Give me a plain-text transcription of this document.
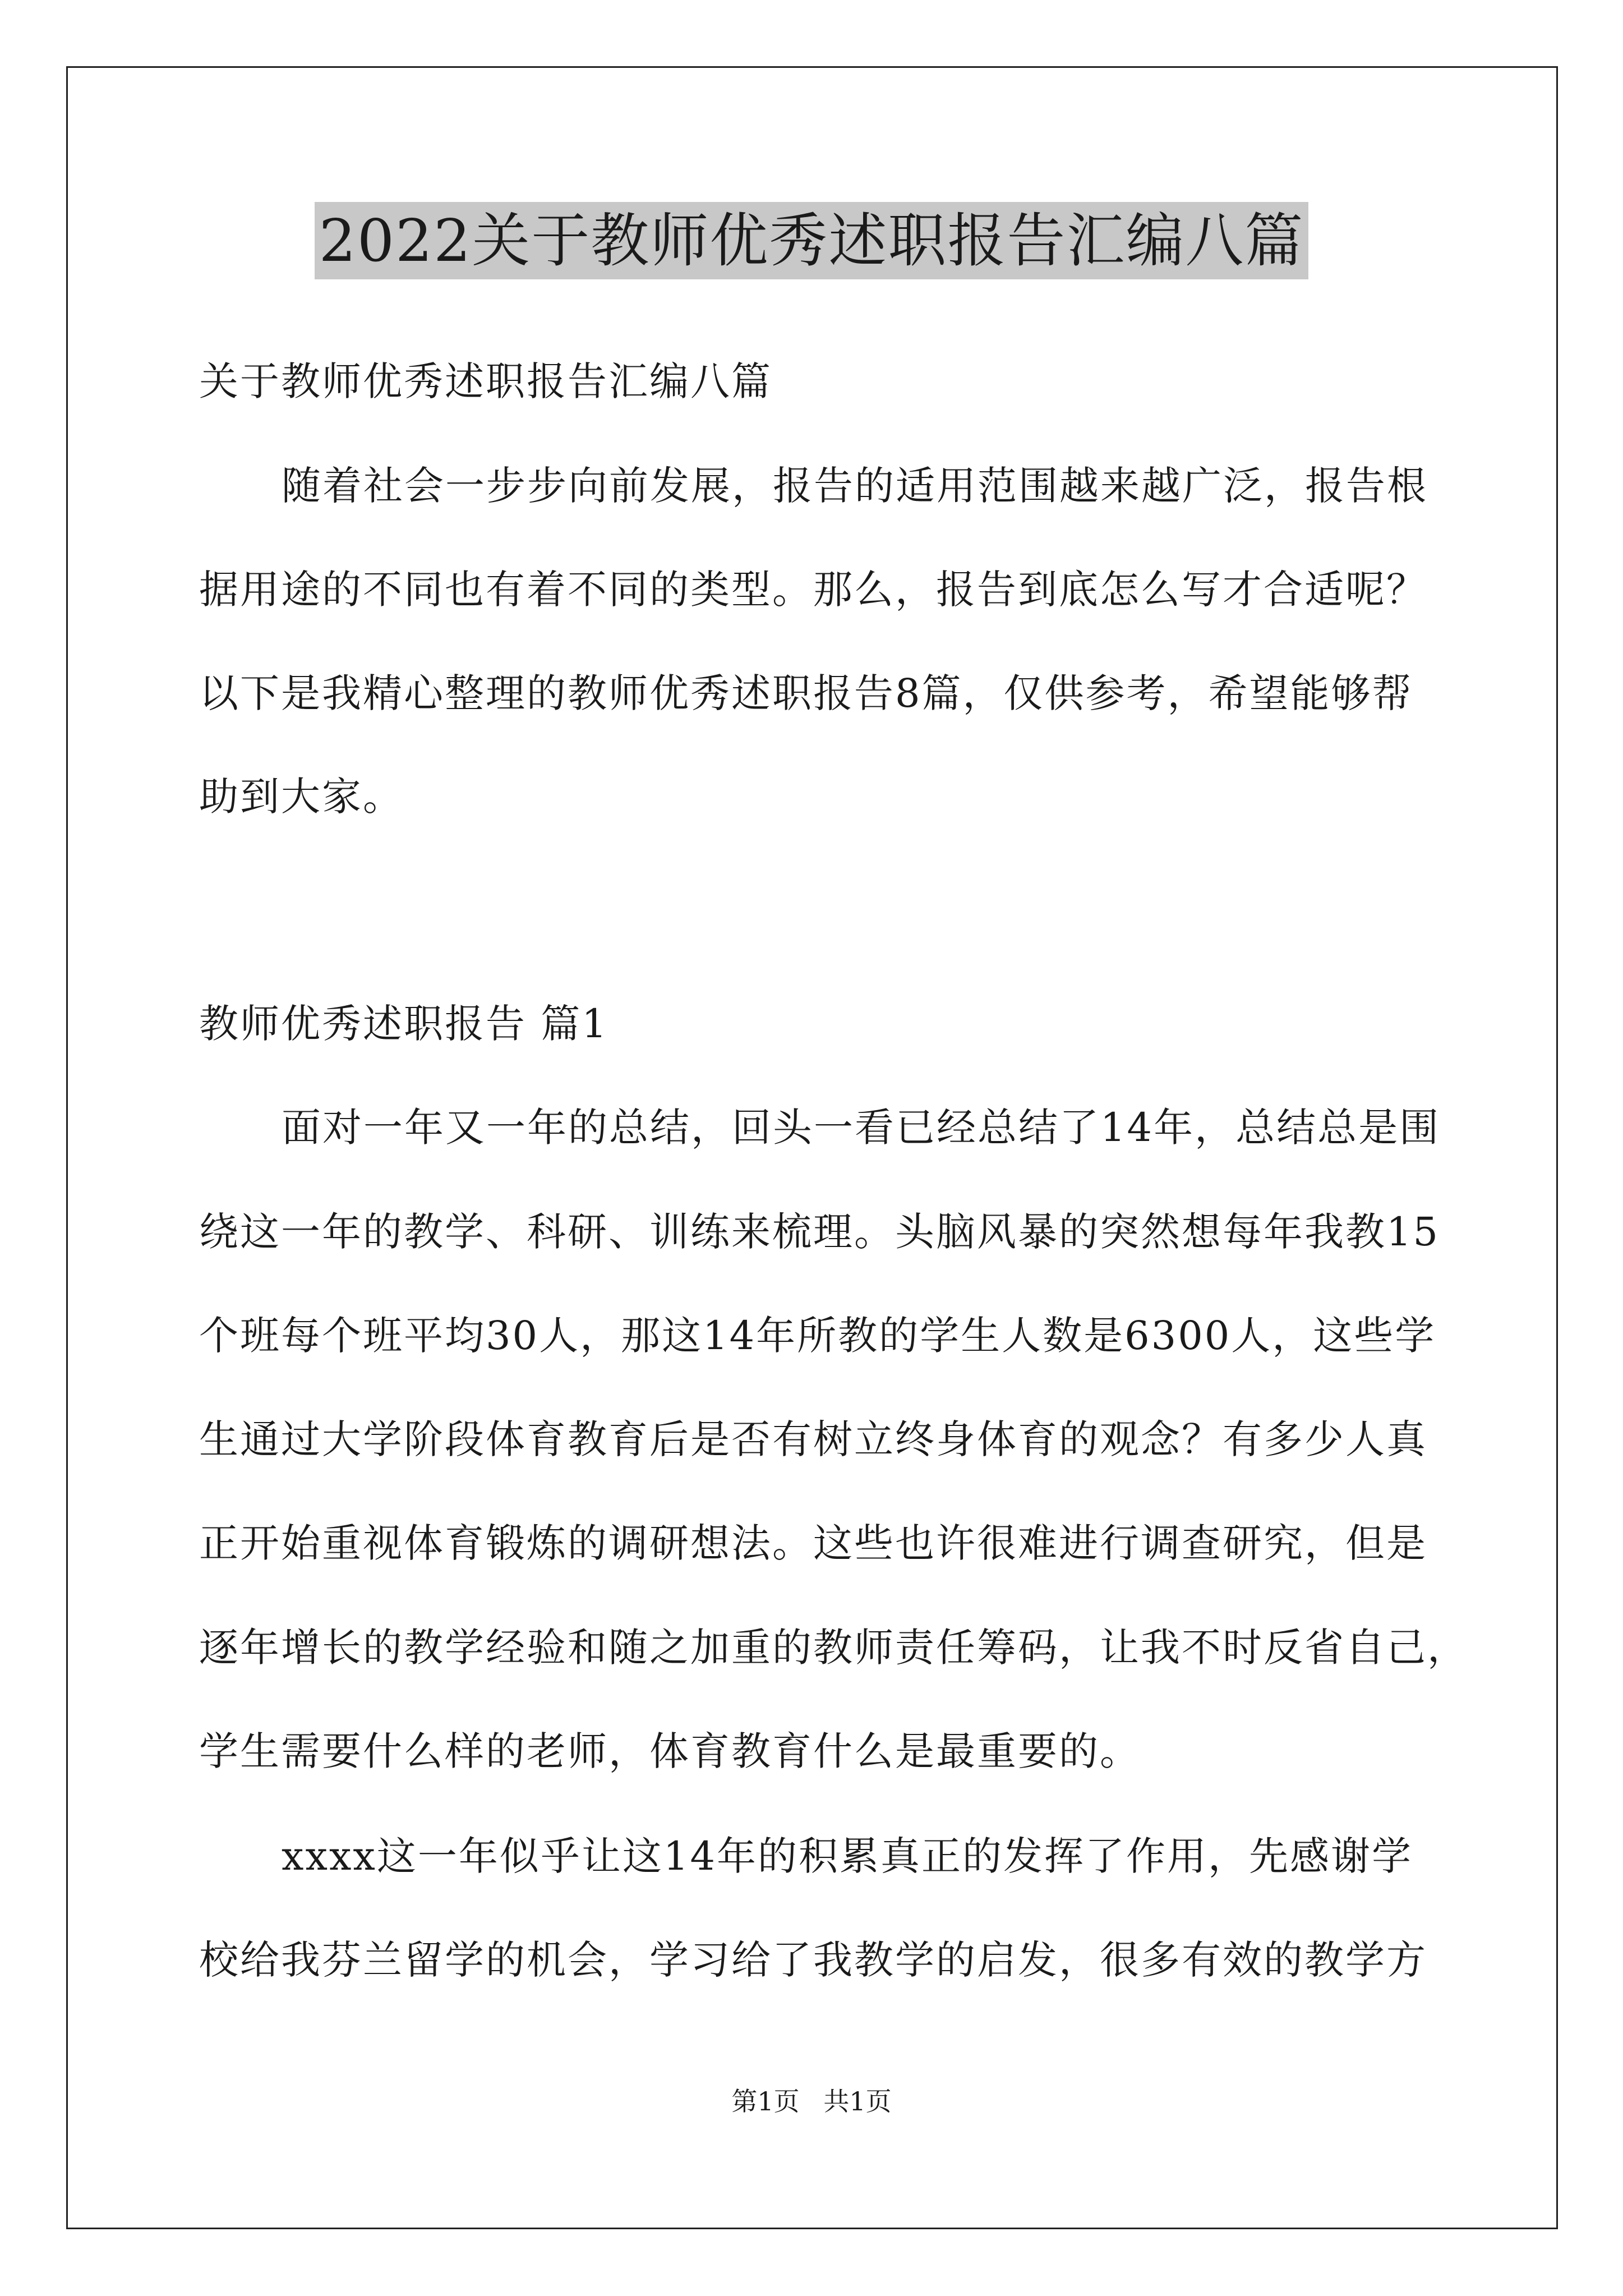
2022关于教师优秀述职报告汇编八篇
关于教师优秀述职报告汇编八篇
随着社会一步步向前发展，报告的适用范围越来越广泛，报告根
据用途的不同也有着不同的类型。那么，报告到底怎么写才合适呢？
以下是我精心整理的教师优秀述职报告8篇，仅供参考，希望能够帮
助到大家。
教师优秀述职报告 篇1
面对一年又一年的总结，回头一看已经总结了14年，总结总是围
绕这一年的教学、科研、训练来梳理。头脑风暴的突然想每年我教15
个班每个班平均30人，那这14年所教的学生人数是6300人，这些学
生通过大学阶段体育教育后是否有树立终身体育的观念？有多少人真
正开始重视体育锻炼的调研想法。这些也许很难进行调查研究，但是
逐年增长的教学经验和随之加重的教师责任筹码，让我不时反省自己，
学生需要什么样的老师，体育教育什么是最重要的。
xxxx这一年似乎让这14年的积累真正的发挥了作用，先感谢学
校给我芬兰留学的机会，学习给了我教学的启发，很多有效的教学方
第1页 共1页
